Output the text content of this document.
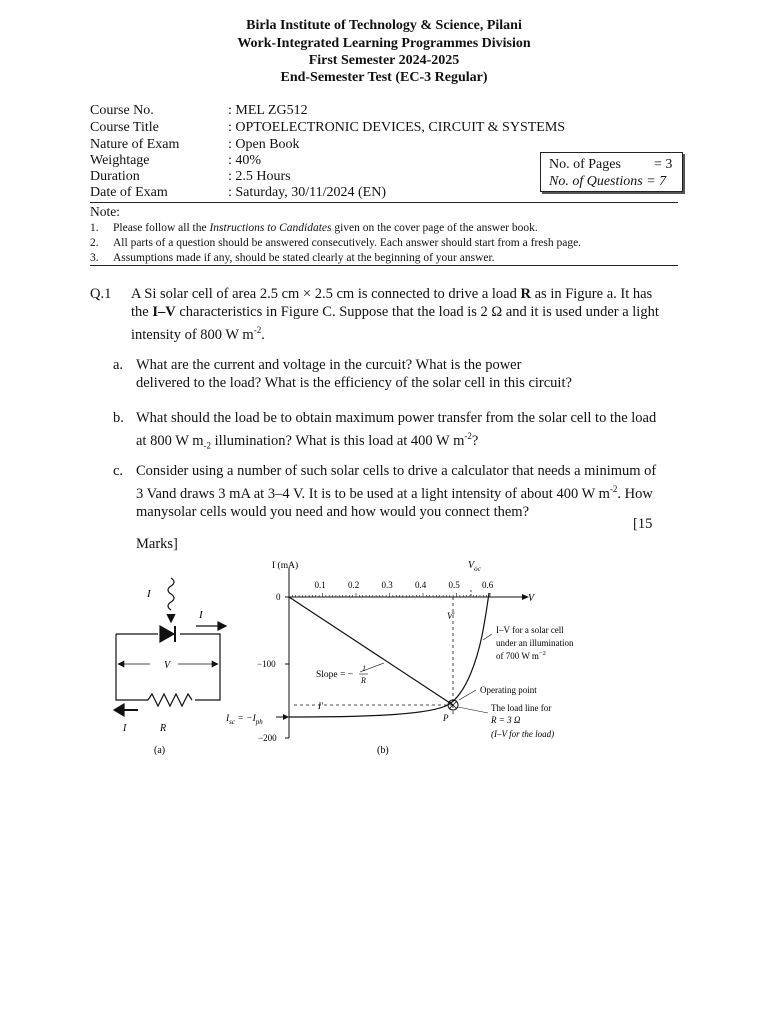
Birla Institute of Technology & Science, Pilani
Work-Integrated Learning Programmes Division
First Semester 2024-2025
End-Semester Test (EC-3 Regular)
Course No.	: MEL ZG512
Course Title	: OPTOELECTRONIC DEVICES, CIRCUIT & SYSTEMS
Nature of Exam	: Open Book
Weightage	: 40%
Duration	: 2.5 Hours
Date of Exam	: Saturday, 30/11/2024 (EN)
No. of Pages = 3
No. of Questions = 7
Note:
1. Please follow all the Instructions to Candidates given on the cover page of the answer book.
2. All parts of a question should be answered consecutively. Each answer should start from a fresh page.
3. Assumptions made if any, should be stated clearly at the beginning of your answer.
Q.1 A Si solar cell of area 2.5 cm × 2.5 cm is connected to drive a load R as in Figure a. It has
the I–V characteristics in Figure C. Suppose that the load is 2 Ω and it is used under a light
intensity of 800 W $m^{-2}$.
a. What are the current and voltage in the curcuit? What is the power
delivered to the load? What is the efficiency of the solar cell in this circuit?
b. What should the load be to obtain maximum power transfer from the solar cell to the load
at 800 W $m_{-2}$ illumination? What is this load at 400 W $m^{-2}$?
c. Consider using a number of such solar cells to drive a calculator that needs a minimum of
3 Vand draws 3 mA at 3–4 V. It is to be used at a light intensity of about 400 W $m^{-2}$. How
manysolar cells would you need and how would you connect them?
[15
Marks]
I
I
V
I	R
(a)
I (mA)	$V_{oc}$
V
0.1 0.2 0.3 0.4 0.5 0.6
0
−100
−200
V′
I′
P
$I_{sc} = -I_{ph}$
Slope = −
1
R
I–V for a solar cell
under an illumination
of 700 W $m^{-2}$
Operating point
The load line for
R = 3 Ω
(I–V for the load)
(b)
